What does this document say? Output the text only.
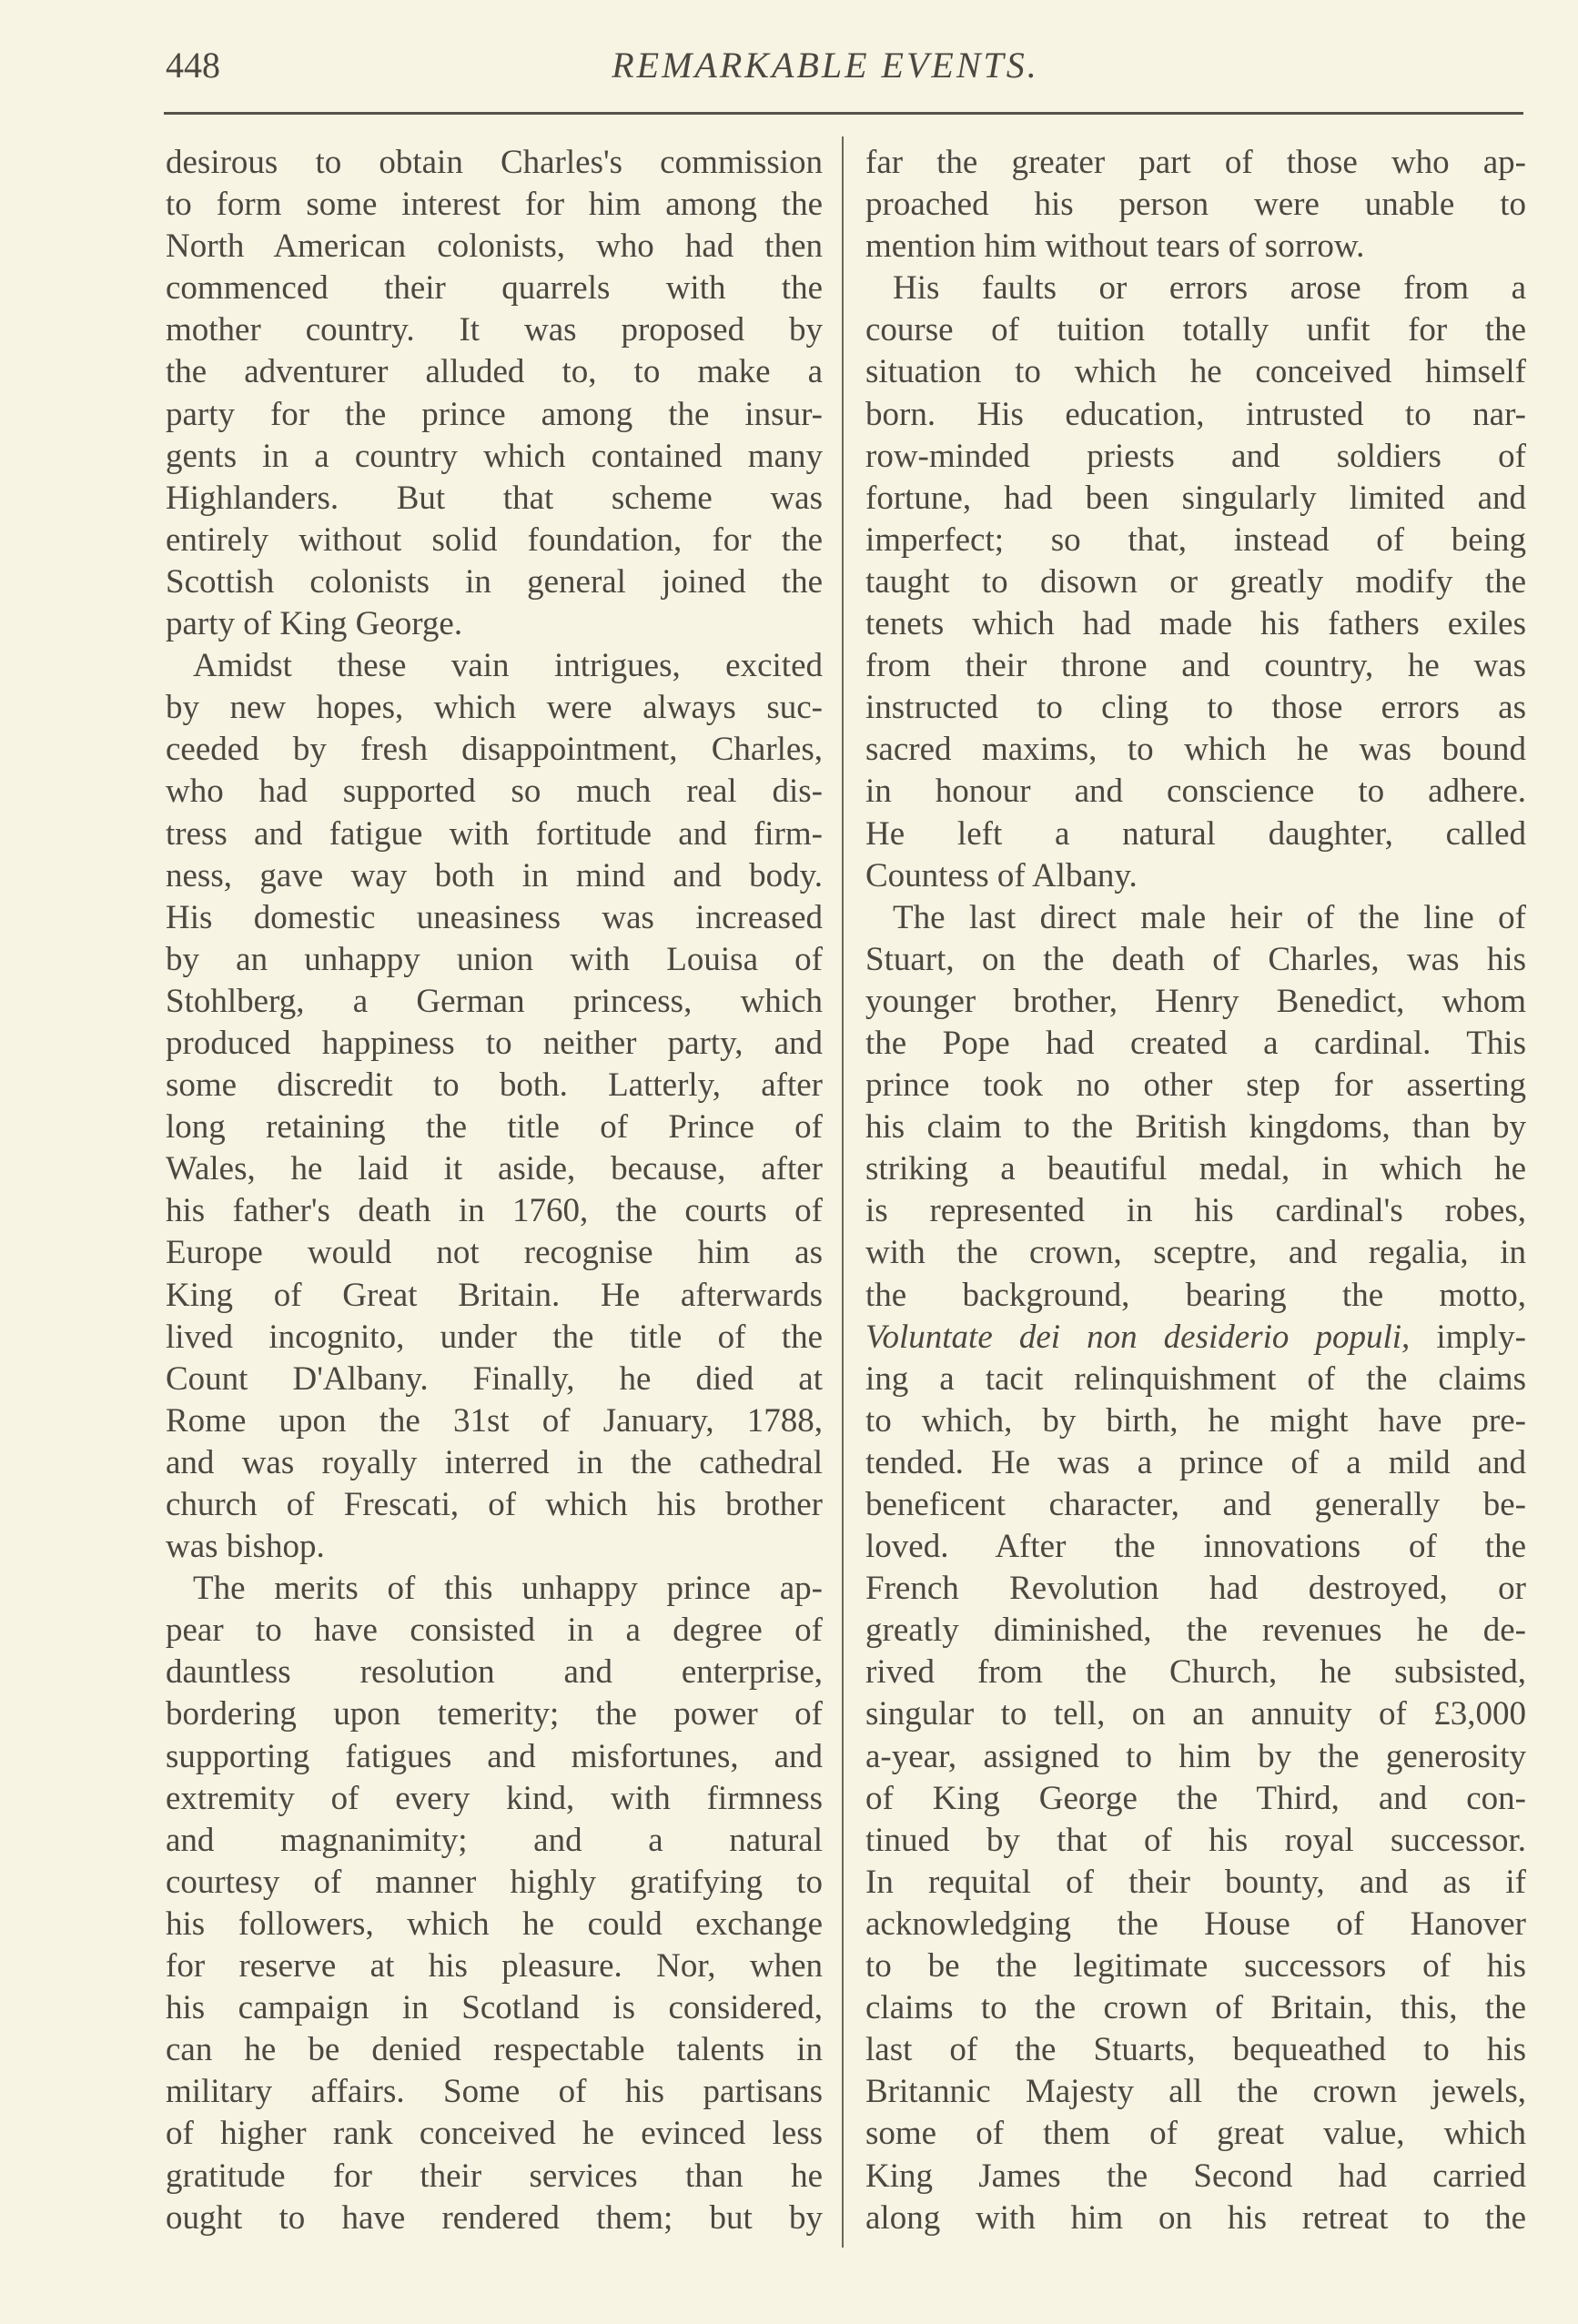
448	REMARKABLE EVENTS.
desirous to obtain Charles's commission
to form some interest for him among the
North American colonists, who had then
commenced their quarrels with the
mother country. It was proposed by
the adventurer alluded to, to make a
party for the prince among the insur-
gents in a country which contained many
Highlanders. But that scheme was
entirely without solid foundation, for the
Scottish colonists in general joined the
party of King George.
Amidst these vain intrigues, excited
by new hopes, which were always suc-
ceeded by fresh disappointment, Charles,
who had supported so much real dis-
tress and fatigue with fortitude and firm-
ness, gave way both in mind and body.
His domestic uneasiness was increased
by an unhappy union with Louisa of
Stohlberg, a German princess, which
produced happiness to neither party, and
some discredit to both. Latterly, after
long retaining the title of Prince of
Wales, he laid it aside, because, after
his father's death in 1760, the courts of
Europe would not recognise him as
King of Great Britain. He afterwards
lived incognito, under the title of the
Count D'Albany. Finally, he died at
Rome upon the 31st of January, 1788,
and was royally interred in the cathedral
church of Frescati, of which his brother
was bishop.
The merits of this unhappy prince ap-
pear to have consisted in a degree of
dauntless resolution and enterprise,
bordering upon temerity; the power of
supporting fatigues and misfortunes, and
extremity of every kind, with firmness
and magnanimity; and a natural
courtesy of manner highly gratifying to
his followers, which he could exchange
for reserve at his pleasure. Nor, when
his campaign in Scotland is considered,
can he be denied respectable talents in
military affairs. Some of his partisans
of higher rank conceived he evinced less
gratitude for their services than he
ought to have rendered them; but by
far the greater part of those who ap-
proached his person were unable to
mention him without tears of sorrow.
His faults or errors arose from a
course of tuition totally unfit for the
situation to which he conceived himself
born. His education, intrusted to nar-
row-minded priests and soldiers of
fortune, had been singularly limited and
imperfect; so that, instead of being
taught to disown or greatly modify the
tenets which had made his fathers exiles
from their throne and country, he was
instructed to cling to those errors as
sacred maxims, to which he was bound
in honour and conscience to adhere.
He left a natural daughter, called
Countess of Albany.
The last direct male heir of the line of
Stuart, on the death of Charles, was his
younger brother, Henry Benedict, whom
the Pope had created a cardinal. This
prince took no other step for asserting
his claim to the British kingdoms, than by
striking a beautiful medal, in which he
is represented in his cardinal's robes,
with the crown, sceptre, and regalia, in
the background, bearing the motto,
Voluntate dei non desiderio populi, imply-
ing a tacit relinquishment of the claims
to which, by birth, he might have pre-
tended. He was a prince of a mild and
beneficent character, and generally be-
loved. After the innovations of the
French Revolution had destroyed, or
greatly diminished, the revenues he de-
rived from the Church, he subsisted,
singular to tell, on an annuity of £3,000
a-year, assigned to him by the generosity
of King George the Third, and con-
tinued by that of his royal successor.
In requital of their bounty, and as if
acknowledging the House of Hanover
to be the legitimate successors of his
claims to the crown of Britain, this, the
last of the Stuarts, bequeathed to his
Britannic Majesty all the crown jewels,
some of them of great value, which
King James the Second had carried
along with him on his retreat to the
